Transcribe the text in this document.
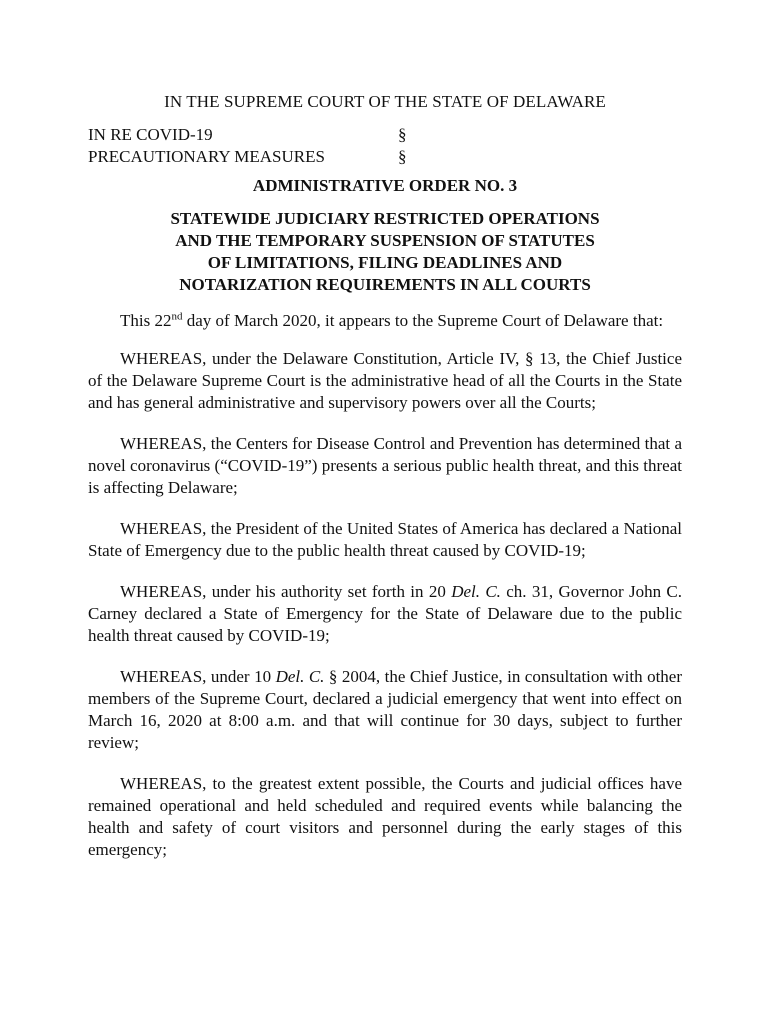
IN THE SUPREME COURT OF THE STATE OF DELAWARE
IN RE COVID-19	§
PRECAUTIONARY MEASURES	§
ADMINISTRATIVE ORDER NO. 3
STATEWIDE JUDICIARY RESTRICTED OPERATIONS
AND THE TEMPORARY SUSPENSION OF STATUTES
OF LIMITATIONS, FILING DEADLINES AND
NOTARIZATION REQUIREMENTS IN ALL COURTS

This 22nd day of March 2020, it appears to the Supreme Court of Delaware that:

WHEREAS, under the Delaware Constitution, Article IV, § 13, the Chief Justice of the Delaware Supreme Court is the administrative head of all the Courts in the State and has general administrative and supervisory powers over all the Courts;

WHEREAS, the Centers for Disease Control and Prevention has determined that a novel coronavirus (“COVID-19”) presents a serious public health threat, and this threat is affecting Delaware;

WHEREAS, the President of the United States of America has declared a National State of Emergency due to the public health threat caused by COVID-19;

WHEREAS, under his authority set forth in 20 Del. C. ch. 31, Governor John C. Carney declared a State of Emergency for the State of Delaware due to the public health threat caused by COVID-19;

WHEREAS, under 10 Del. C. § 2004, the Chief Justice, in consultation with other members of the Supreme Court, declared a judicial emergency that went into effect on March 16, 2020 at 8:00 a.m. and that will continue for 30 days, subject to further review;

WHEREAS, to the greatest extent possible, the Courts and judicial offices have remained operational and held scheduled and required events while balancing the health and safety of court visitors and personnel during the early stages of this emergency;
